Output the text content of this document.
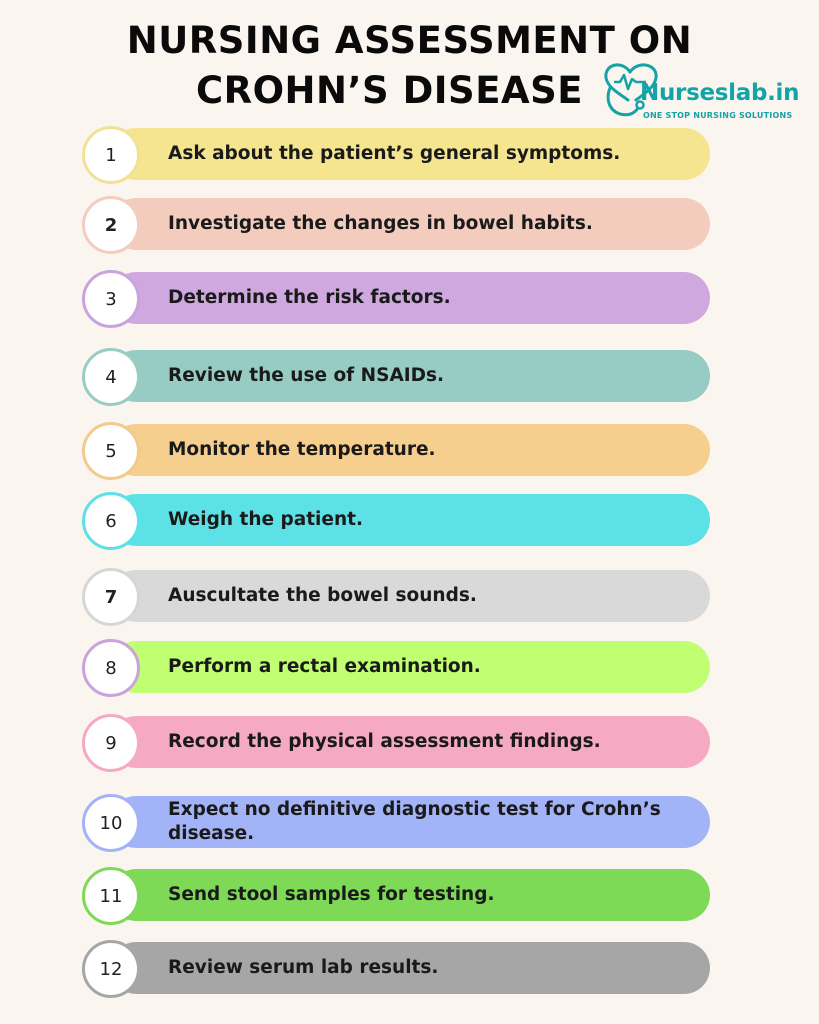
NURSING ASSESSMENT ON
CROHN’S DISEASE	Nurseslab.in
ONE STOP NURSING SOLUTIONS
1	Ask about the patient’s general symptoms.
2	Investigate the changes in bowel habits.
3	Determine the risk factors.
4	Review the use of NSAIDs.
5	Monitor the temperature.
6	Weigh the patient.
7	Auscultate the bowel sounds.
8	Perform a rectal examination.
9	Record the physical assessment findings.
10
Expect no definitive diagnostic test for Crohn’s disease.
11	Send stool samples for testing.
12	Review serum lab results.
